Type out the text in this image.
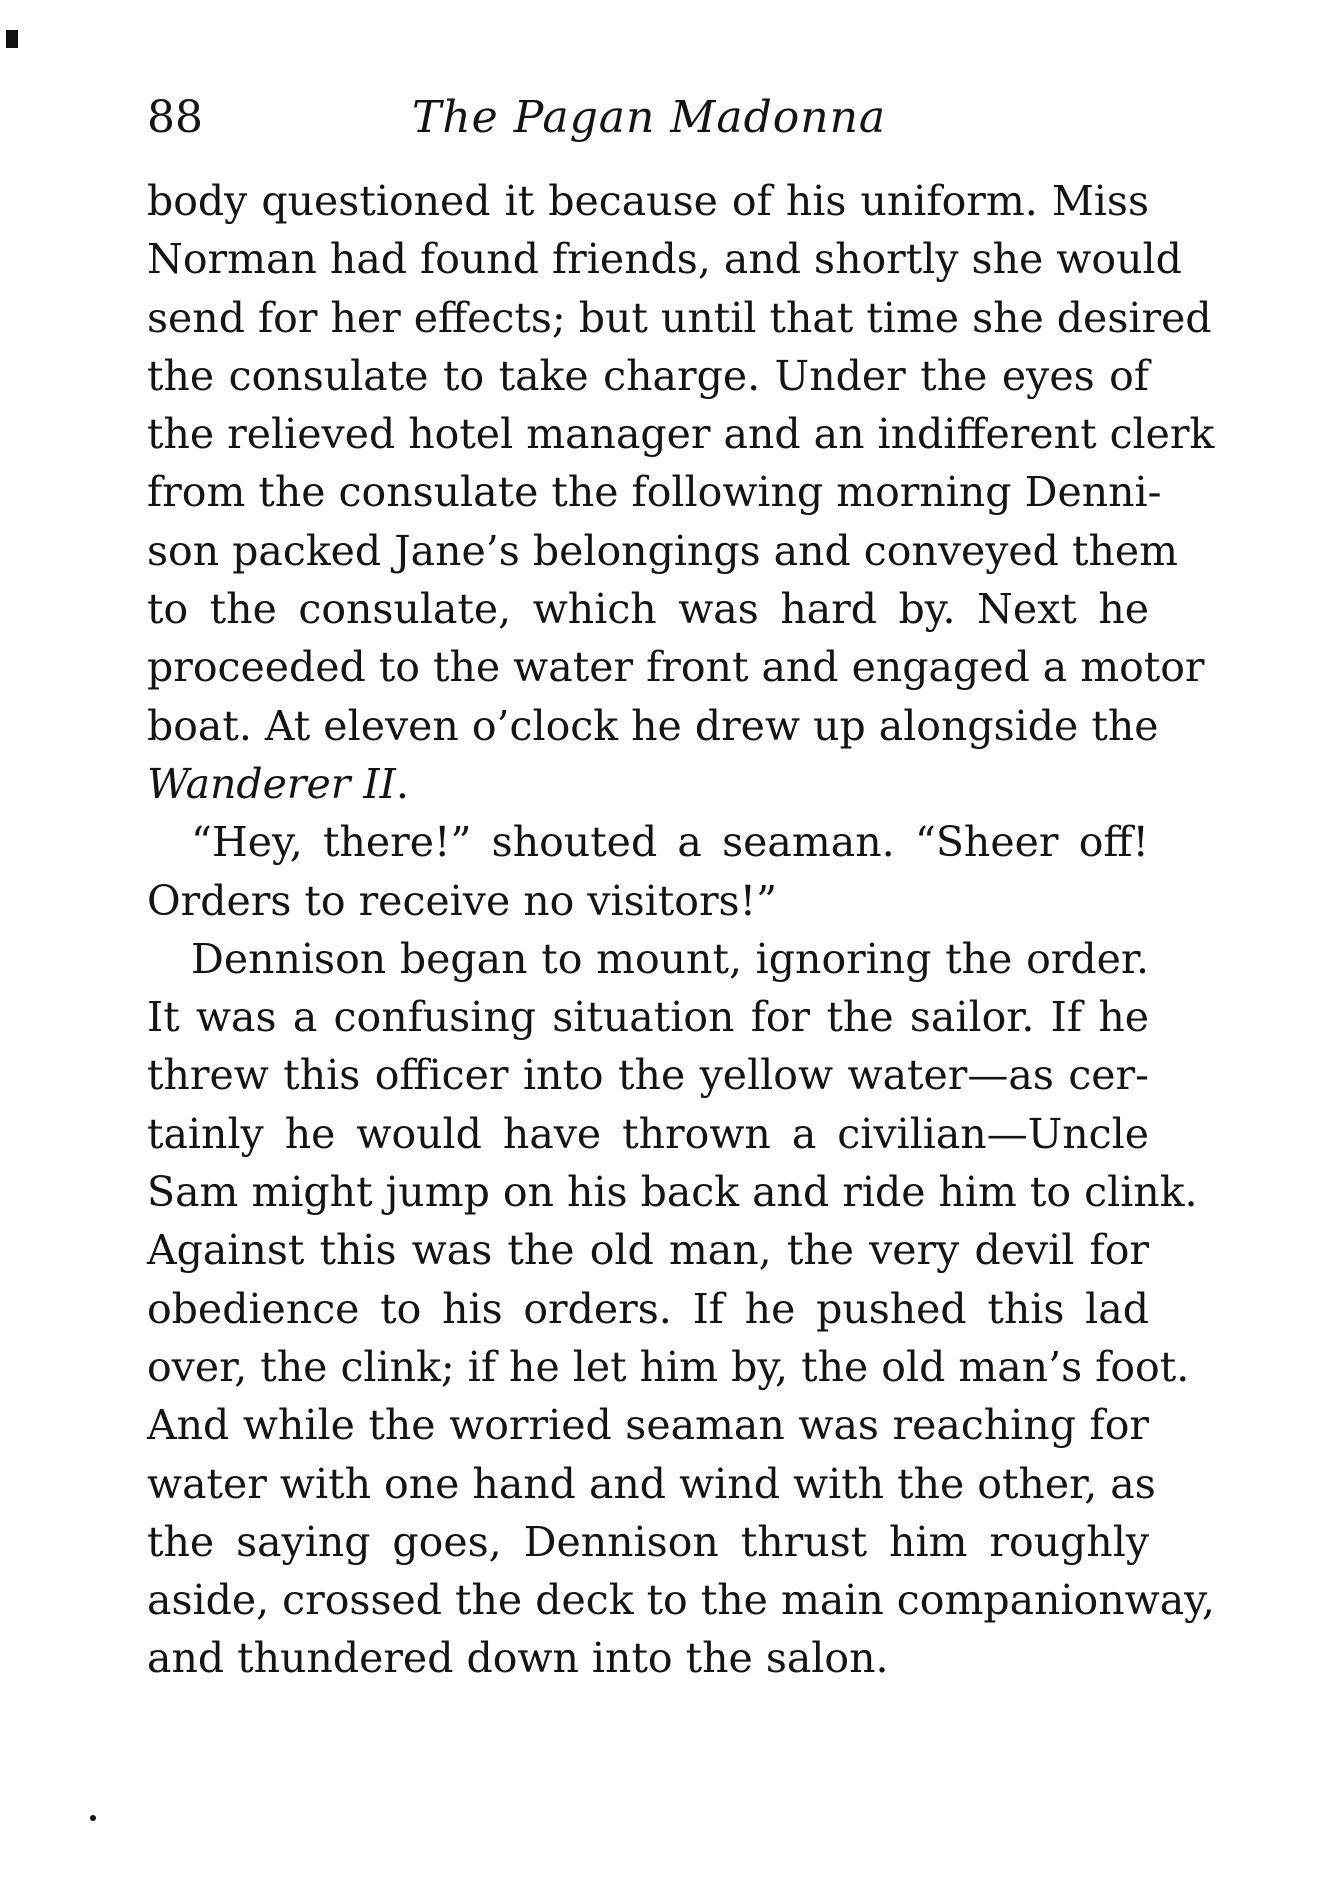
88	The Pagan Madonna
body questioned it because of his uniform. Miss
Norman had found friends, and shortly she would
send for her effects; but until that time she desired
the consulate to take charge. Under the eyes of
the relieved hotel manager and an indifferent clerk
from the consulate the following morning Denni-
son packed Jane’s belongings and conveyed them
to the consulate, which was hard by. Next he
proceeded to the water front and engaged a motor
boat. At eleven o’clock he drew up alongside the
Wanderer II.
“Hey, there!” shouted a seaman. “Sheer off!
Orders to receive no visitors!”
Dennison began to mount, ignoring the order.
It was a confusing situation for the sailor. If he
threw this officer into the yellow water—as cer-
tainly he would have thrown a civilian—Uncle
Sam might jump on his back and ride him to clink.
Against this was the old man, the very devil for
obedience to his orders. If he pushed this lad
over, the clink; if he let him by, the old man’s foot.
And while the worried seaman was reaching for
water with one hand and wind with the other, as
the saying goes, Dennison thrust him roughly
aside, crossed the deck to the main companionway,
and thundered down into the salon.
